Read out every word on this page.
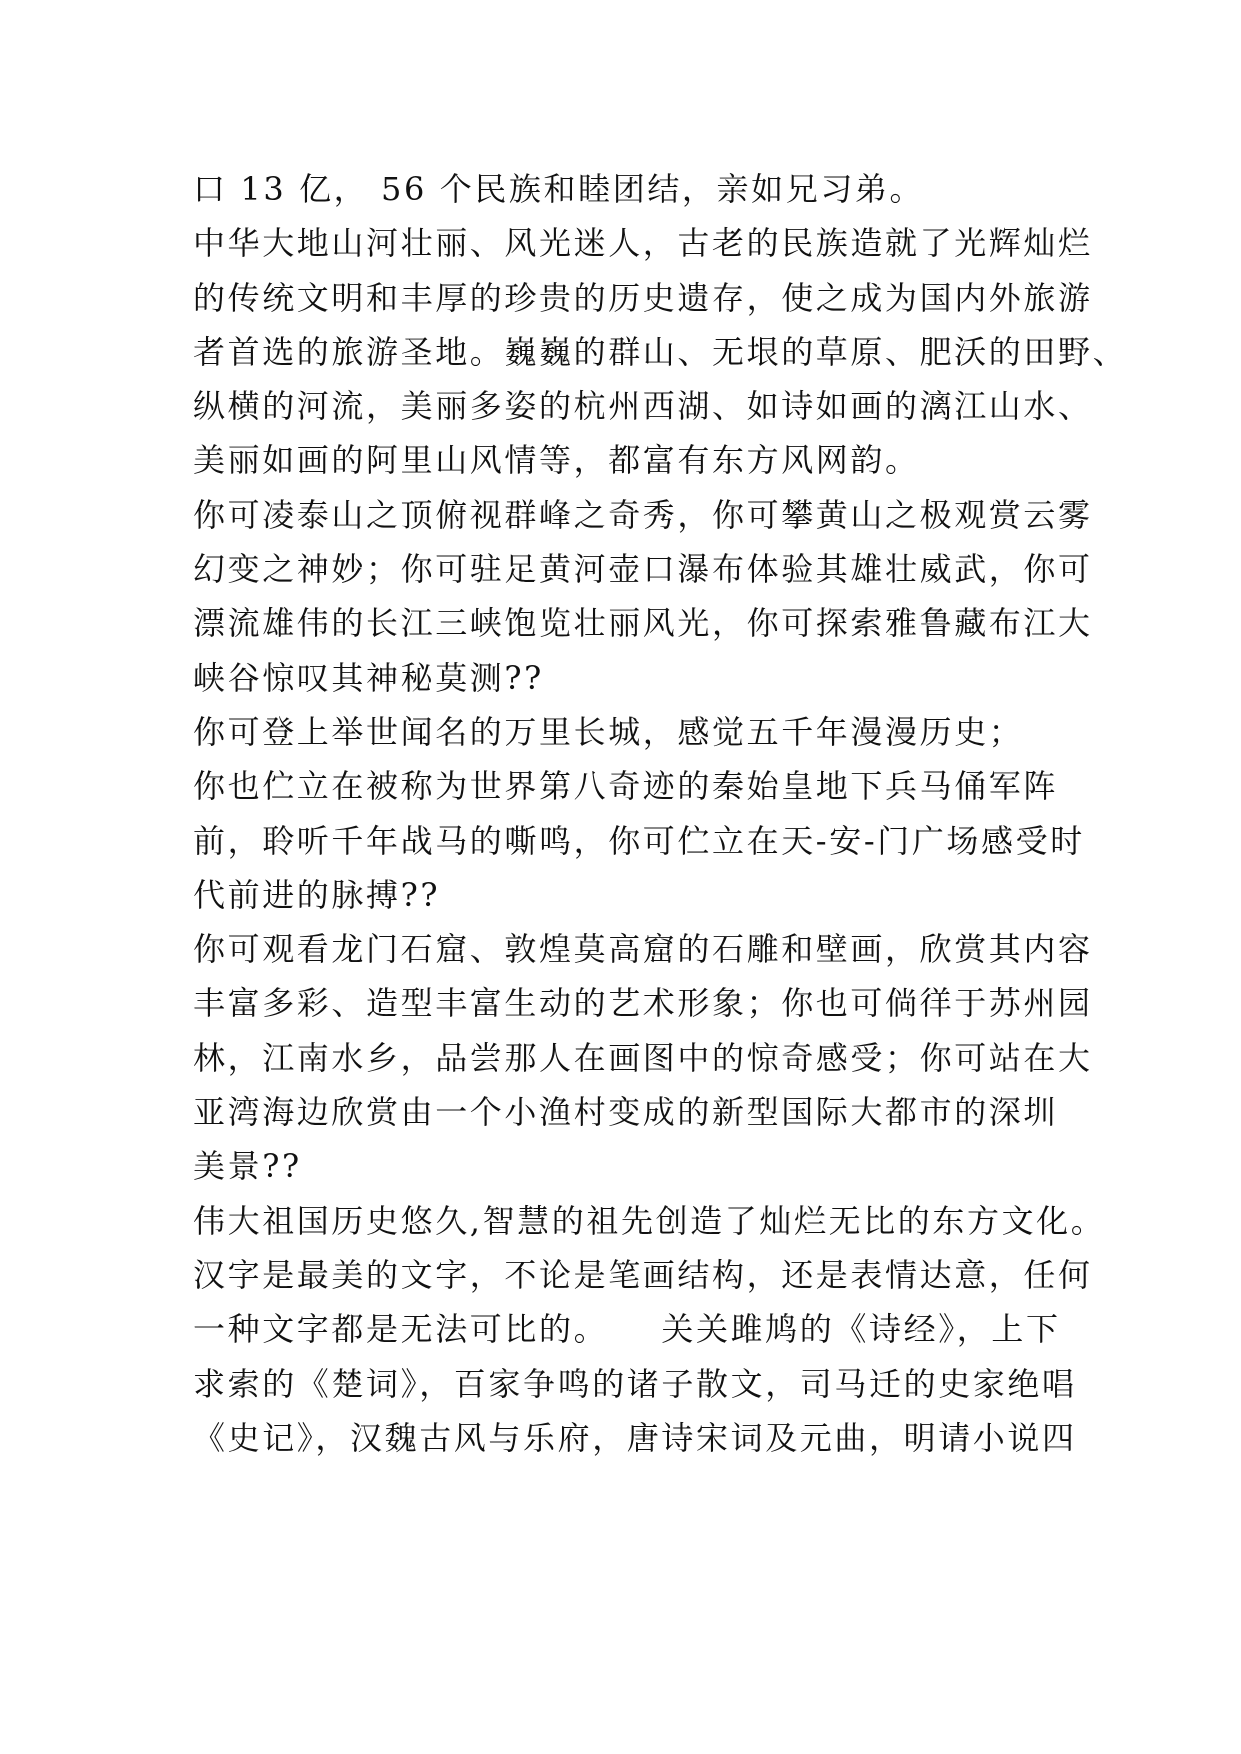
口 13 亿， 56 个民族和睦团结，亲如兄习弟。
中华大地山河壮丽、风光迷人，古老的民族造就了光辉灿烂
的传统文明和丰厚的珍贵的历史遗存，使之成为国内外旅游
者首选的旅游圣地。巍巍的群山、无垠的草原、肥沃的田野、
纵横的河流，美丽多姿的杭州西湖、如诗如画的漓江山水、
美丽如画的阿里山风情等，都富有东方风网韵。
你可凌泰山之顶俯视群峰之奇秀，你可攀黄山之极观赏云雾
幻变之神妙；你可驻足黄河壶口瀑布体验其雄壮威武，你可
漂流雄伟的长江三峡饱览壮丽风光，你可探索雅鲁藏布江大
峡谷惊叹其神秘莫测??
你可登上举世闻名的万里长城，感觉五千年漫漫历史；
你也伫立在被称为世界第八奇迹的秦始皇地下兵马俑军阵
前，聆听千年战马的嘶鸣，你可伫立在天-安-门广场感受时
代前进的脉搏??
你可观看龙门石窟、敦煌莫高窟的石雕和壁画，欣赏其内容
丰富多彩、造型丰富生动的艺术形象；你也可倘徉于苏州园
林，江南水乡，品尝那人在画图中的惊奇感受；你可站在大
亚湾海边欣赏由一个小渔村变成的新型国际大都市的深圳
美景??
伟大祖国历史悠久,智慧的祖先创造了灿烂无比的东方文化。
汉字是最美的文字，不论是笔画结构，还是表情达意，任何
一种文字都是无法可比的。　　关关雎鸠的《诗经》，上下
求索的《楚词》，百家争鸣的诸子散文，司马迁的史家绝唱
《史记》，汉魏古风与乐府，唐诗宋词及元曲，明请小说四
